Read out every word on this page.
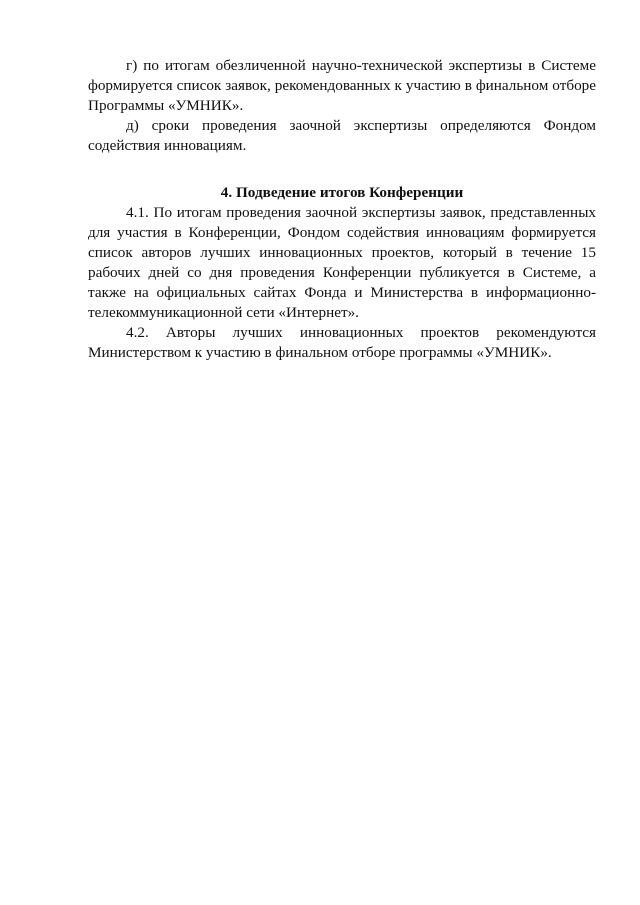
г) по итогам обезличенной научно-технической экспертизы в Системе формируется список заявок, рекомендованных к участию в финальном отборе Программы «УМНИК».

д) сроки проведения заочной экспертизы определяются Фондом содействия инновациям.

4. Подведение итогов Конференции

4.1. По итогам проведения заочной экспертизы заявок, представленных для участия в Конференции, Фондом содействия инновациям формируется список авторов лучших инновационных проектов, который в течение 15 рабочих дней со дня проведения Конференции публикуется в Системе, а также на официальных сайтах Фонда и Министерства в информационно-телекоммуникационной сети «Интернет».

4.2. Авторы лучших инновационных проектов рекомендуются Министерством к участию в финальном отборе программы «УМНИК».
